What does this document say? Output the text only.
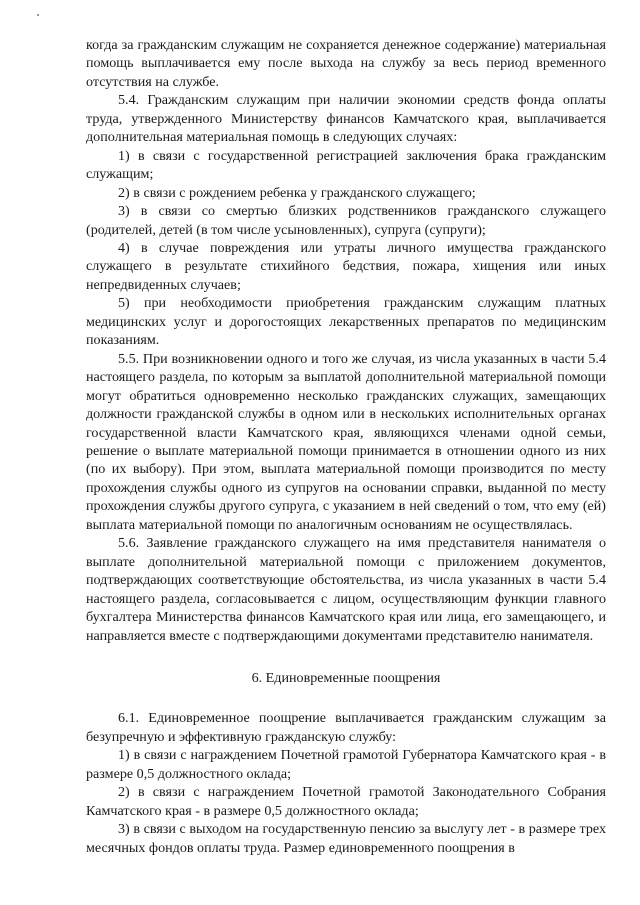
когда за гражданским служащим не сохраняется денежное содержание) материальная помощь выплачивается ему после выхода на службу за весь период временного отсутствия на службе.

5.4. Гражданским служащим при наличии экономии средств фонда оплаты труда, утвержденного Министерству финансов Камчатского края, выплачивается дополнительная материальная помощь в следующих случаях:

1) в связи с государственной регистрацией заключения брака гражданским служащим;

2) в связи с рождением ребенка у гражданского служащего;

3) в связи со смертью близких родственников гражданского служащего (родителей, детей (в том числе усыновленных), супруга (супруги);

4) в случае повреждения или утраты личного имущества гражданского служащего в результате стихийного бедствия, пожара, хищения или иных непредвиденных случаев;

5) при необходимости приобретения гражданским служащим платных медицинских услуг и дорогостоящих лекарственных препаратов по медицинским показаниям.

5.5. При возникновении одного и того же случая, из числа указанных в части 5.4 настоящего раздела, по которым за выплатой дополнительной материальной помощи могут обратиться одновременно несколько гражданских служащих, замещающих должности гражданской службы в одном или в нескольких исполнительных органах государственной власти Камчатского края, являющихся членами одной семьи, решение о выплате материальной помощи принимается в отношении одного из них (по их выбору). При этом, выплата материальной помощи производится по месту прохождения службы одного из супругов на основании справки, выданной по месту прохождения службы другого супруга, с указанием в ней сведений о том, что ему (ей) выплата материальной помощи по аналогичным основаниям не осуществлялась.

5.6. Заявление гражданского служащего на имя представителя нанимателя о выплате дополнительной материальной помощи с приложением документов, подтверждающих соответствующие обстоятельства, из числа указанных в части 5.4 настоящего раздела, согласовывается с лицом, осуществляющим функции главного бухгалтера Министерства финансов Камчатского края или лица, его замещающего, и направляется вместе с подтверждающими документами представителю нанимателя.

6. Единовременные поощрения

6.1. Единовременное поощрение выплачивается гражданским служащим за безупречную и эффективную гражданскую службу:

1) в связи с награждением Почетной грамотой Губернатора Камчатского края - в размере 0,5 должностного оклада;

2) в связи с награждением Почетной грамотой Законодательного Собрания Камчатского края - в размере 0,5 должностного оклада;

3) в связи с выходом на государственную пенсию за выслугу лет - в размере трех месячных фондов оплаты труда. Размер единовременного поощрения в
